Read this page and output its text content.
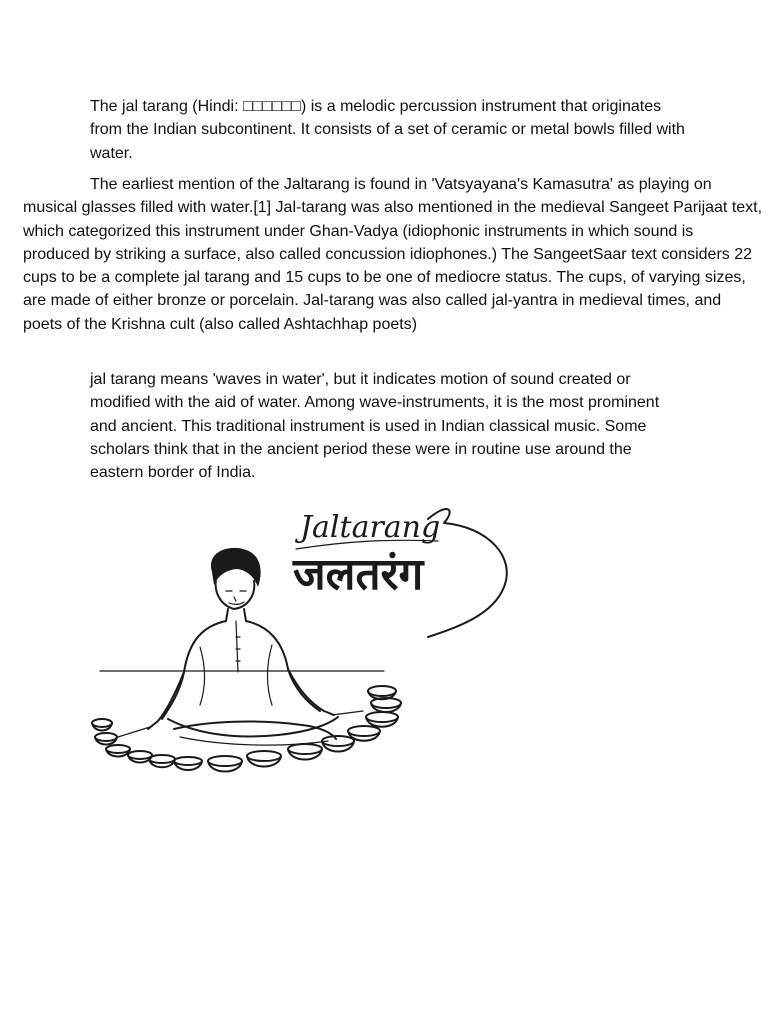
The jal tarang (Hindi: □□□□□□) is a melodic percussion instrument that originates from the Indian subcontinent. It consists of a set of ceramic or metal bowls filled with water.

The earliest mention of the Jaltarang is found in 'Vatsyayana's Kamasutra' as playing on musical glasses filled with water.[1] Jal-tarang was also mentioned in the medieval Sangeet Parijaat text, which categorized this instrument under Ghan-Vadya (idiophonic instruments in which sound is produced by striking a surface, also called concussion idiophones.) The SangeetSaar text considers 22 cups to be a complete jal tarang and 15 cups to be one of mediocre status. The cups, of varying sizes, are made of either bronze or porcelain. Jal-tarang was also called jal-yantra in medieval times, and poets of the Krishna cult (also called Ashtachhap poets)

jal tarang means 'waves in water', but it indicates motion of sound created or modified with the aid of water. Among wave-instruments, it is the most prominent and ancient. This traditional instrument is used in Indian classical music. Some scholars think that in the ancient period these were in routine use around the eastern border of India.

Jaltarang
जलतरंग
